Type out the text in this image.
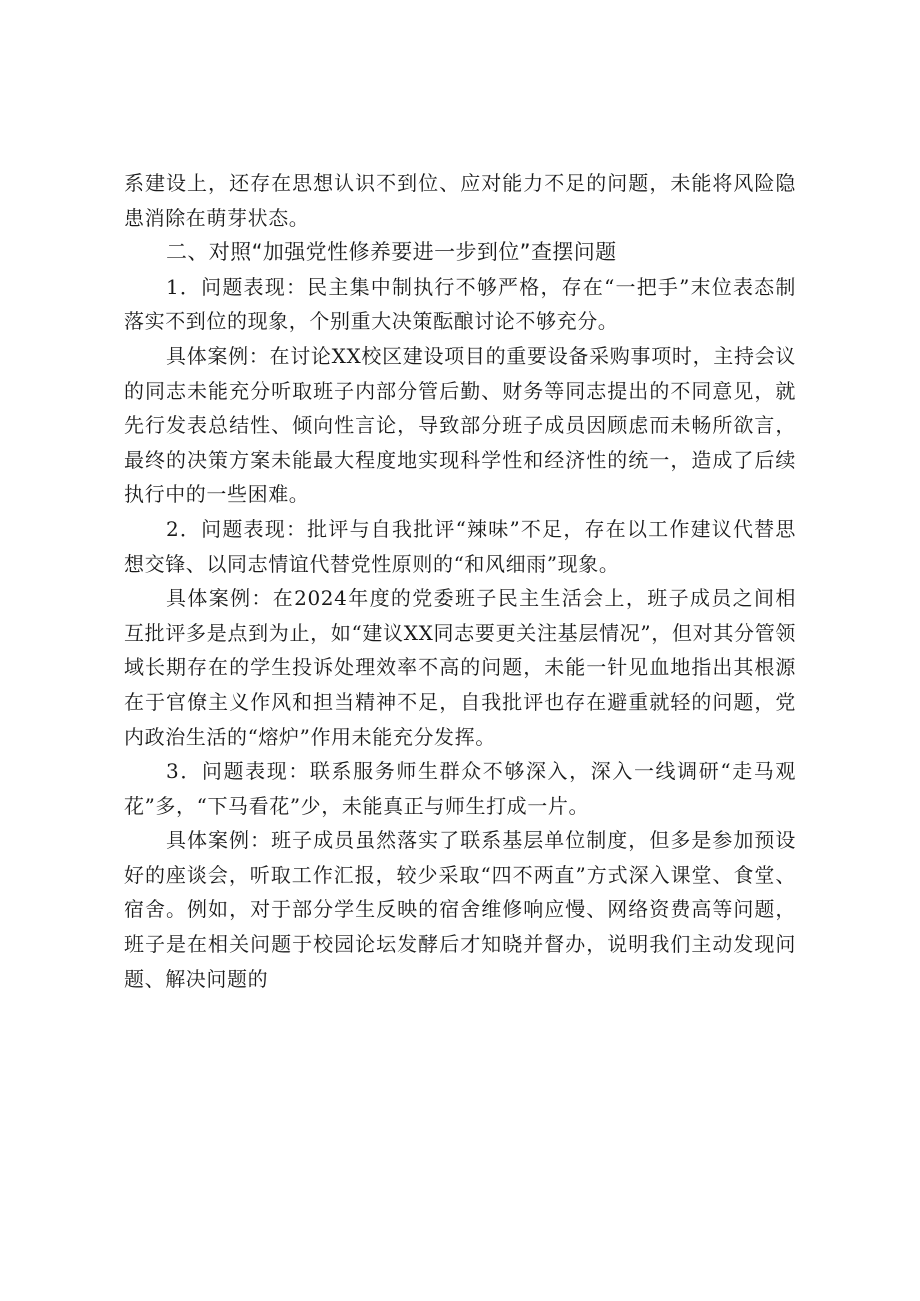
系建设上，还存在思想认识不到位、应对能力不足的问题，未能将风险隐患消除在萌芽状态。

二、对照“加强党性修养要进一步到位”查摆问题

1．问题表现：民主集中制执行不够严格，存在“一把手”末位表态制落实不到位的现象，个别重大决策酝酿讨论不够充分。

具体案例：在讨论XX校区建设项目的重要设备采购事项时，主持会议的同志未能充分听取班子内部分管后勤、财务等同志提出的不同意见，就先行发表总结性、倾向性言论，导致部分班子成员因顾虑而未畅所欲言，最终的决策方案未能最大程度地实现科学性和经济性的统一，造成了后续执行中的一些困难。

2．问题表现：批评与自我批评“辣味”不足，存在以工作建议代替思想交锋、以同志情谊代替党性原则的“和风细雨”现象。

具体案例：在2024年度的党委班子民主生活会上，班子成员之间相互批评多是点到为止，如“建议XX同志要更关注基层情况”，但对其分管领域长期存在的学生投诉处理效率不高的问题，未能一针见血地指出其根源在于官僚主义作风和担当精神不足，自我批评也存在避重就轻的问题，党内政治生活的“熔炉”作用未能充分发挥。

3．问题表现：联系服务师生群众不够深入，深入一线调研“走马观花”多，“下马看花”少，未能真正与师生打成一片。

具体案例：班子成员虽然落实了联系基层单位制度，但多是参加预设好的座谈会，听取工作汇报，较少采取“四不两直”方式深入课堂、食堂、宿舍。例如，对于部分学生反映的宿舍维修响应慢、网络资费高等问题，班子是在相关问题于校园论坛发酵后才知晓并督办，说明我们主动发现问题、解决问题的
